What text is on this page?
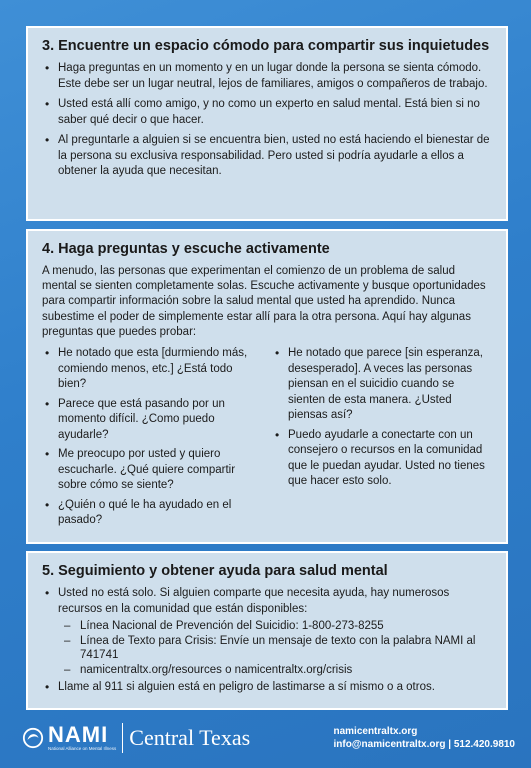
3. Encuentre un espacio cómodo para compartir sus inquietudes
• Haga preguntas en un momento y en un lugar donde la persona se sienta cómodo. Este debe ser un lugar neutral, lejos de familiares, amigos o compañeros de trabajo.
• Usted está allí como amigo, y no como un experto en salud mental. Está bien si no saber qué decir o que hacer.
• Al preguntarle a alguien si se encuentra bien, usted no está haciendo el bienestar de la persona su exclusiva responsabilidad. Pero usted si podría ayudarle a ellos a obtener la ayuda que necesitan.
4. Haga preguntas y escuche activamente

A menudo, las personas que experimentan el comienzo de un problema de salud mental se sienten completamente solas. Escuche activamente y busque oportunidades para compartir información sobre la salud mental que usted ha aprendido. Nunca subestime el poder de simplemente estar allí para la otra persona. Aquí hay algunas preguntas que puedes probar:

• He notado que esta [durmiendo más, comiendo menos, etc.] ¿Está todo bien?
• Parece que está pasando por un momento difícil. ¿Como puedo ayudarle?
• Me preocupo por usted y quiero escucharle. ¿Qué quiere compartir sobre cómo se siente?
• ¿Quién o qué le ha ayudado en el pasado?
• He notado que parece [sin esperanza, desesperado]. A veces las personas piensan en el suicidio cuando se sienten de esta manera. ¿Usted piensas así?
• Puedo ayudarle a conectarte con un consejero o recursos en la comunidad que le puedan ayudar. Usted no tienes que hacer esto solo.
5. Seguimiento y obtener ayuda para salud mental
• Usted no está solo. Si alguien comparte que necesita ayuda, hay numerosos recursos en la comunidad que están disponibles:
– Línea Nacional de Prevención del Suicidio: 1-800-273-8255
– Línea de Texto para Crisis: Envíe un mensaje de texto con la palabra NAMI al 741741
– namicentraltx.org/resources o namicentraltx.org/crisis
• Llame al 911 si alguien está en peligro de lastimarse a sí mismo o a otros.
NAMI
National Alliance on Mental Illness Central Texas	namicentraltx.org
info@namicentraltx.org | 512.420.9810
